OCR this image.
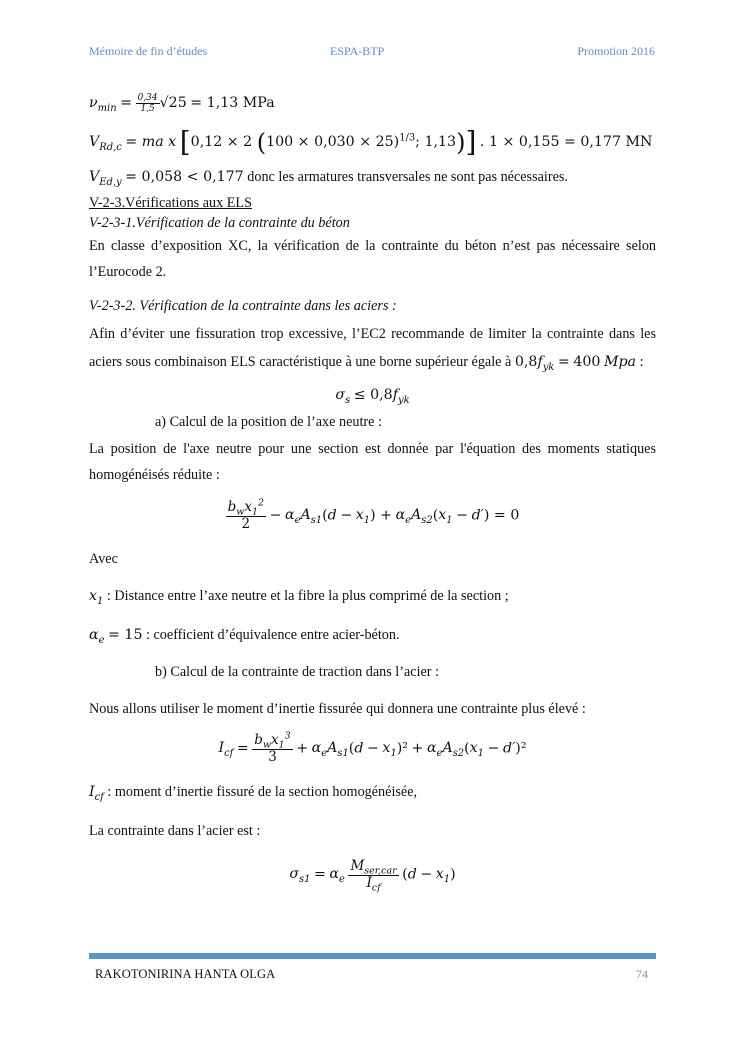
Mémoire de fin d’études	ESPA-BTP	Promotion 2016

$\nu_{min} = \frac{0,34}{1,5} √25 = 1,13$ MPa

$V_{Rd,c}$ = ma x [0,12 × 2 $(100 \times 0,030 \times 25)^{1/3}$; 1,13)] . 1 × 0,155 = 0,177 MN

$V_{Ed,y} = 0,058 < 0,177$ donc les armatures transversales ne sont pas nécessaires.

V-2-3.Vérifications aux ELS

V-2-3-1.Vérification de la contrainte du béton

En classe d’exposition XC, la vérification de la contrainte du béton n’est pas nécessaire selon l’Eurocode 2.

V-2-3-2. Vérification de la contrainte dans les aciers :

Afin d’éviter une fissuration trop excessive, l’EC2 recommande de limiter la contrainte dans les aciers sous combinaison ELS caractéristique à une borne supérieur égale à $0,8f_{yk} = 400$ Mpa :

$\sigma_s \le 0,8f_{yk}$

a) Calcul de la position de l’axe neutre :

La position de l'axe neutre pour une section est donnée par l'équation des moments statiques homogénéisés réduite :

$\frac{b_wx_1^2}{2} - \alpha_eA_{s1}(d - x_1) + \alpha_eA_{s2}(x_1 - d') = 0$

Avec

$x_1$ : Distance entre l’axe neutre et la fibre la plus comprimé de la section ;

$\alpha_e = 15$ : coefficient d’équivalence entre acier-béton.

b) Calcul de la contrainte de traction dans l’acier :

Nous allons utiliser le moment d’inertie fissurée qui donnera une contrainte plus élevé :

$I_{cf} = \frac{b_wx_1^3}{3} + \alpha_eA_{s1}(d - x_1)^2 + \alpha_eA_{s2}(x_1 - d')^2$

$I_{cf}$ : moment d’inertie fissuré de la section homogénéisée,

La contrainte dans l’acier est :

$\sigma_{s1} = \alpha_e \frac{M_{ser,car}}{I_{cf}} (d - x_1)$

RAKOTONIRINA HANTA OLGA	74
